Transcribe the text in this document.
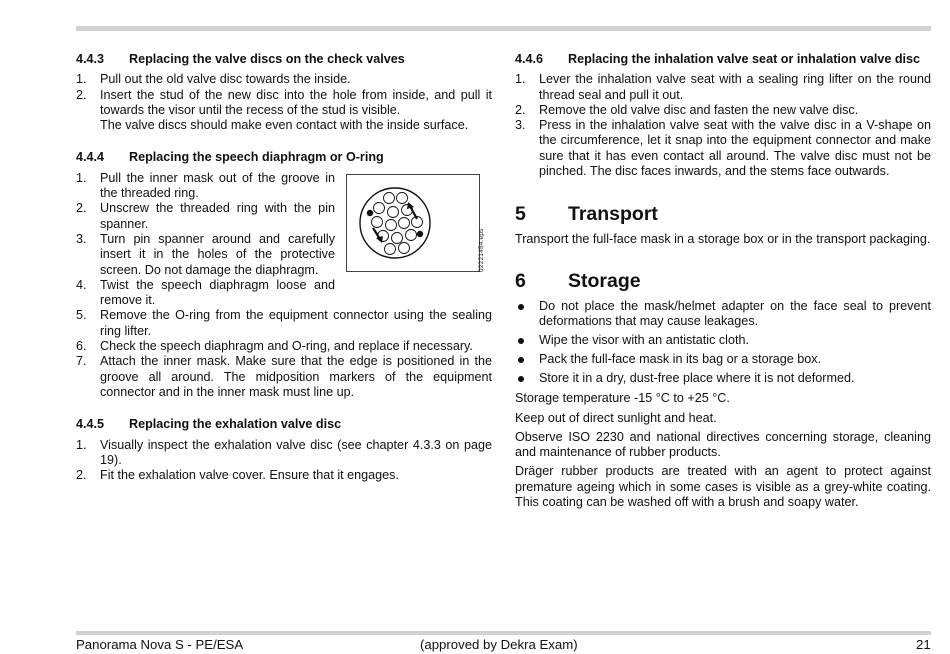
4.4.3	Replacing the valve discs on the check valves
1. Pull out the old valve disc towards the inside.
2. Insert the stud of the new disc into the hole from inside, and pull it towards the visor until the recess of the stud is visible.

The valve discs should make even contact with the inside surface.
4.4.4	Replacing the speech diaphragm or O-ring
1. Pull the inner mask out of the groove in the threaded ring.
2. Unscrew the threaded ring with the pin spanner.
3. Turn pin spanner around and carefully insert it in the holes of the protective screen. Do not damage the diaphragm.
4. Twist the speech diaphragm loose and remove it.
5. Remove the O-ring from the equipment connector using the sealing ring lifter.
6. Check the speech diaphragm and O-ring, and replace if necessary.
7. Attach the inner mask. Make sure that the edge is positioned in the groove all around. The midposition markers of the equipment connector and in the inner mask must line up.
4.4.5	Replacing the exhalation valve disc
1. Visually inspect the exhalation valve disc (see chapter 4.3.3 on page 19).
2. Fit the exhalation valve cover. Ensure that it engages.
02221454.eps
4.4.6	Replacing the inhalation valve seat or inhalation valve disc
1. Lever the inhalation valve seat with a sealing ring lifter on the round thread seal and pull it out.
2. Remove the old valve disc and fasten the new valve disc.
3. Press in the inhalation valve seat with the valve disc in a V-shape on the circumference, let it snap into the equipment connector and make sure that it has even contact all around. The valve disc must not be pinched. The disc faces inwards, and the stems face outwards.
5	Transport

Transport the full-face mask in a storage box or in the transport packaging.

6	Storage
Do not place the mask/helmet adapter on the face seal to prevent deformations that may cause leakages.
Wipe the visor with an antistatic cloth.
Pack the full-face mask in its bag or a storage box.
Store it in a dry, dust-free place where it is not deformed.

Storage temperature -15 °C to +25 °C.

Keep out of direct sunlight and heat.

Observe ISO 2230 and national directives concerning storage, cleaning and maintenance of rubber products.

Dräger rubber products are treated with an agent to protect against premature ageing which in some cases is visible as a grey-white coating. This coating can be washed off with a brush and soapy water.

Panorama Nova S - PE/ESA	(approved by Dekra Exam)	21
